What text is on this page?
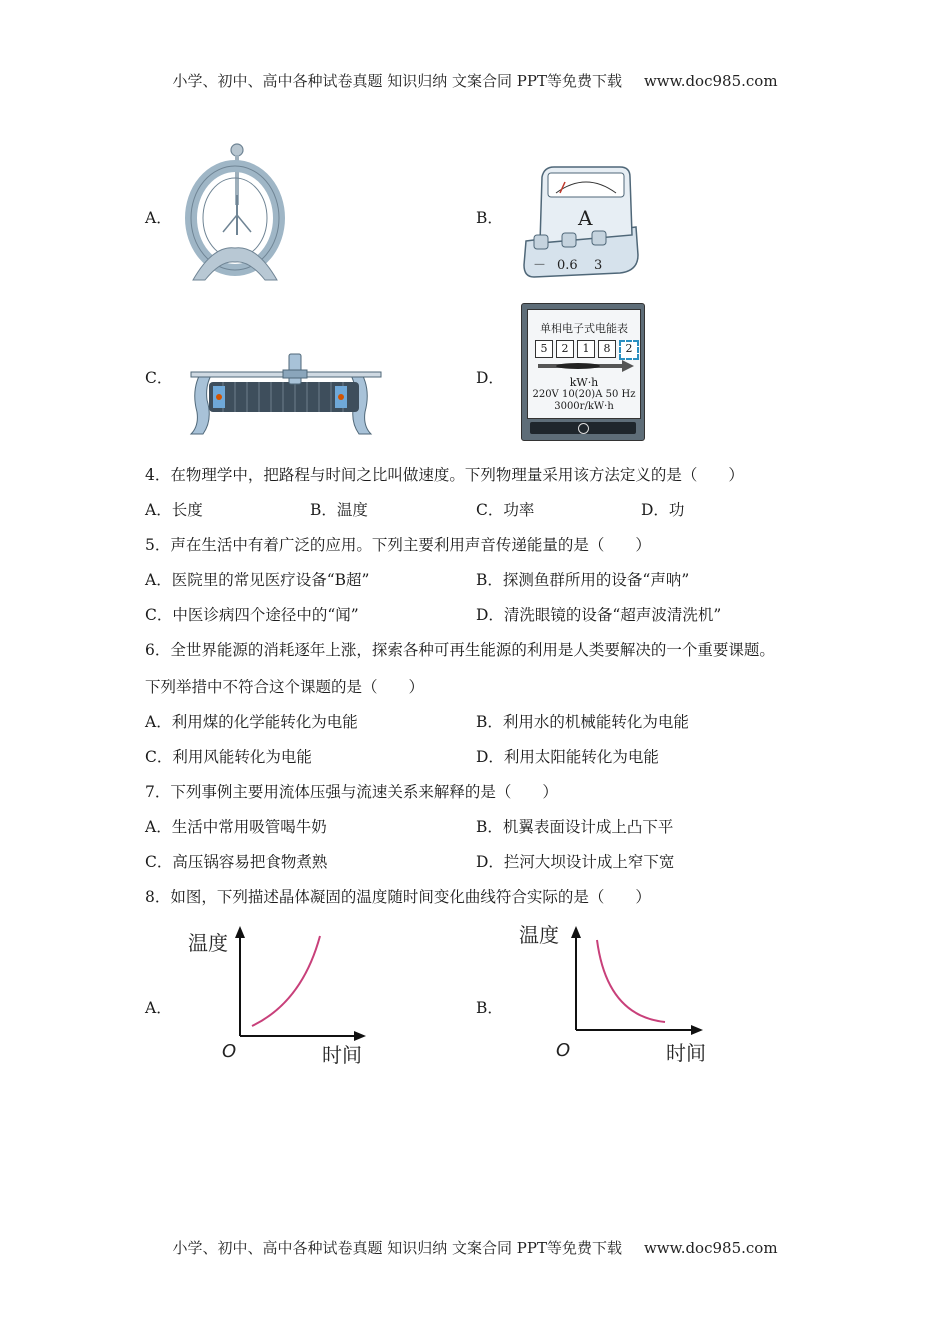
小学、初中、高中各种试卷真题 知识归纳 文案合同 PPT等免费下载 www.doc985.com
A．	B．
C．	D．
A
－ 0.6 3
单相电子式电能表
5	2	1	8	2
kW·h
220V 10(20)A 50 Hz
3000r/kW·h
4．在物理学中，把路程与时间之比叫做速度。下列物理量采用该方法定义的是（　　）
A．长度	B．温度	C．功率	D．功
5．声在生活中有着广泛的应用。下列主要利用声音传递能量的是（　　）
A．医院里的常见医疗设备“B超”	B．探测鱼群所用的设备“声呐”
C．中医诊病四个途径中的“闻”	D．清洗眼镜的设备“超声波清洗机”
6．全世界能源的消耗逐年上涨，探索各种可再生能源的利用是人类要解决的一个重要课题。
下列举措中不符合这个课题的是（　　）
A．利用煤的化学能转化为电能	B．利用水的机械能转化为电能
C．利用风能转化为电能	D．利用太阳能转化为电能
7．下列事例主要用流体压强与流速关系来解释的是（　　）
A．生活中常用吸管喝牛奶	B．机翼表面设计成上凸下平
C．高压锅容易把食物煮熟	D．拦河大坝设计成上窄下宽
8．如图，下列描述晶体凝固的温度随时间变化曲线符合实际的是（　　）
A．	B．
温度
O	时间
温度
O	时间
小学、初中、高中各种试卷真题 知识归纳 文案合同 PPT等免费下载 www.doc985.com
